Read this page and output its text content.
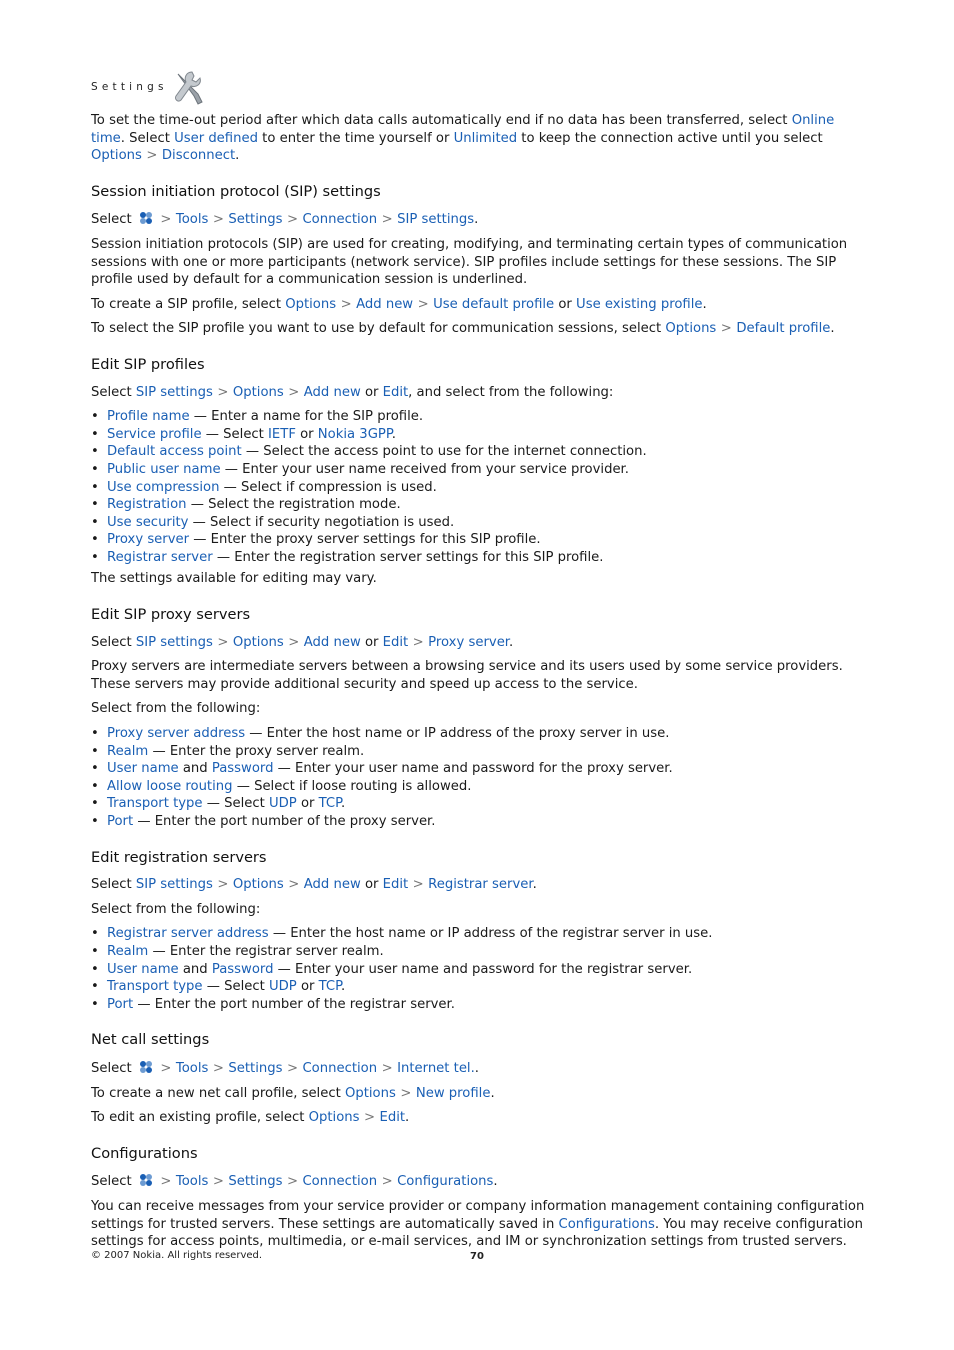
Settings

To set the time-out period after which data calls automatically end if no data has been transferred, select Online time. Select User defined to enter the time yourself or Unlimited to keep the connection active until you select Options > Disconnect.

Session initiation protocol (SIP) settings

Select > Tools > Settings > Connection > SIP settings.

Session initiation protocols (SIP) are used for creating, modifying, and terminating certain types of communication sessions with one or more participants (network service). SIP profiles include settings for these sessions. The SIP profile used by default for a communication session is underlined.

To create a SIP profile, select Options > Add new > Use default profile or Use existing profile.

To select the SIP profile you want to use by default for communication sessions, select Options > Default profile.

Edit SIP profiles

Select SIP settings > Options > Add new or Edit, and select from the following:

• Profile name — Enter a name for the SIP profile.
• Service profile — Select IETF or Nokia 3GPP.
• Default access point — Select the access point to use for the internet connection.
• Public user name — Enter your user name received from your service provider.
• Use compression — Select if compression is used.
• Registration — Select the registration mode.
• Use security — Select if security negotiation is used.
• Proxy server — Enter the proxy server settings for this SIP profile.
• Registrar server — Enter the registration server settings for this SIP profile.

The settings available for editing may vary.

Edit SIP proxy servers

Select SIP settings > Options > Add new or Edit > Proxy server.

Proxy servers are intermediate servers between a browsing service and its users used by some service providers. These servers may provide additional security and speed up access to the service.

Select from the following:

• Proxy server address — Enter the host name or IP address of the proxy server in use.
• Realm — Enter the proxy server realm.
• User name and Password — Enter your user name and password for the proxy server.
• Allow loose routing — Select if loose routing is allowed.
• Transport type — Select UDP or TCP.
• Port — Enter the port number of the proxy server.
Edit registration servers

Select SIP settings > Options > Add new or Edit > Registrar server.

Select from the following:

• Registrar server address — Enter the host name or IP address of the registrar server in use.
• Realm — Enter the registrar server realm.
• User name and Password — Enter your user name and password for the registrar server.
• Transport type — Select UDP or TCP.
• Port — Enter the port number of the registrar server.
Net call settings

Select > Tools > Settings > Connection > Internet tel..

To create a new net call profile, select Options > New profile.

To edit an existing profile, select Options > Edit.

Configurations

Select > Tools > Settings > Connection > Configurations.

You can receive messages from your service provider or company information management containing configuration settings for trusted servers. These settings are automatically saved in Configurations. You may receive configuration settings for access points, multimedia, or e-mail services, and IM or synchronization settings from trusted servers.

© 2007 Nokia. All rights reserved.	70
